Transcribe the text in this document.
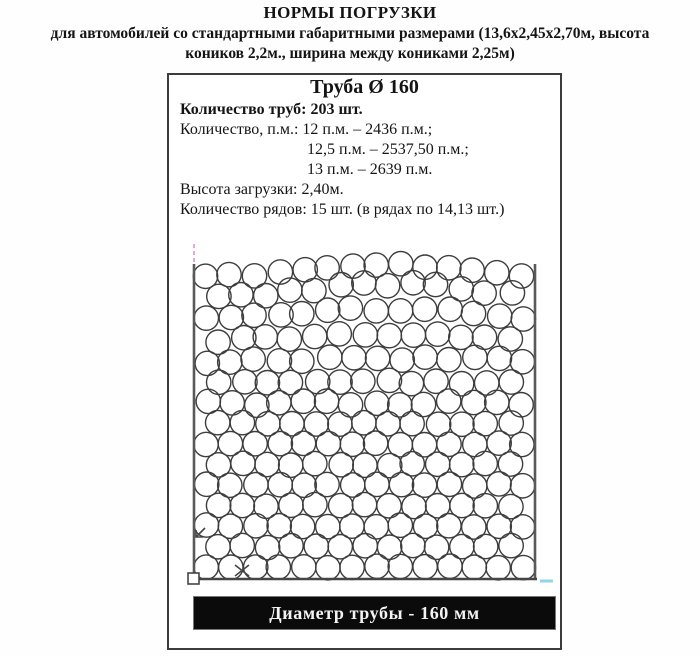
НОРМЫ ПОГРУЗКИ
для автомобилей со стандартными габаритными размерами (13,6х2,45х2,70м, высота коников 2,2м., ширина между кониками 2,25м)
Труба Ø 160
Количество труб: 203 шт.
Количество, п.м.: 12 п.м. – 2436 п.м.;
12,5 п.м. – 2537,50 п.м.;
13 п.м. – 2639 п.м.
Высота загрузки: 2,40м.
Количество рядов: 15 шт. (в рядах по 14,13 шт.)
Диаметр трубы - 160 мм
